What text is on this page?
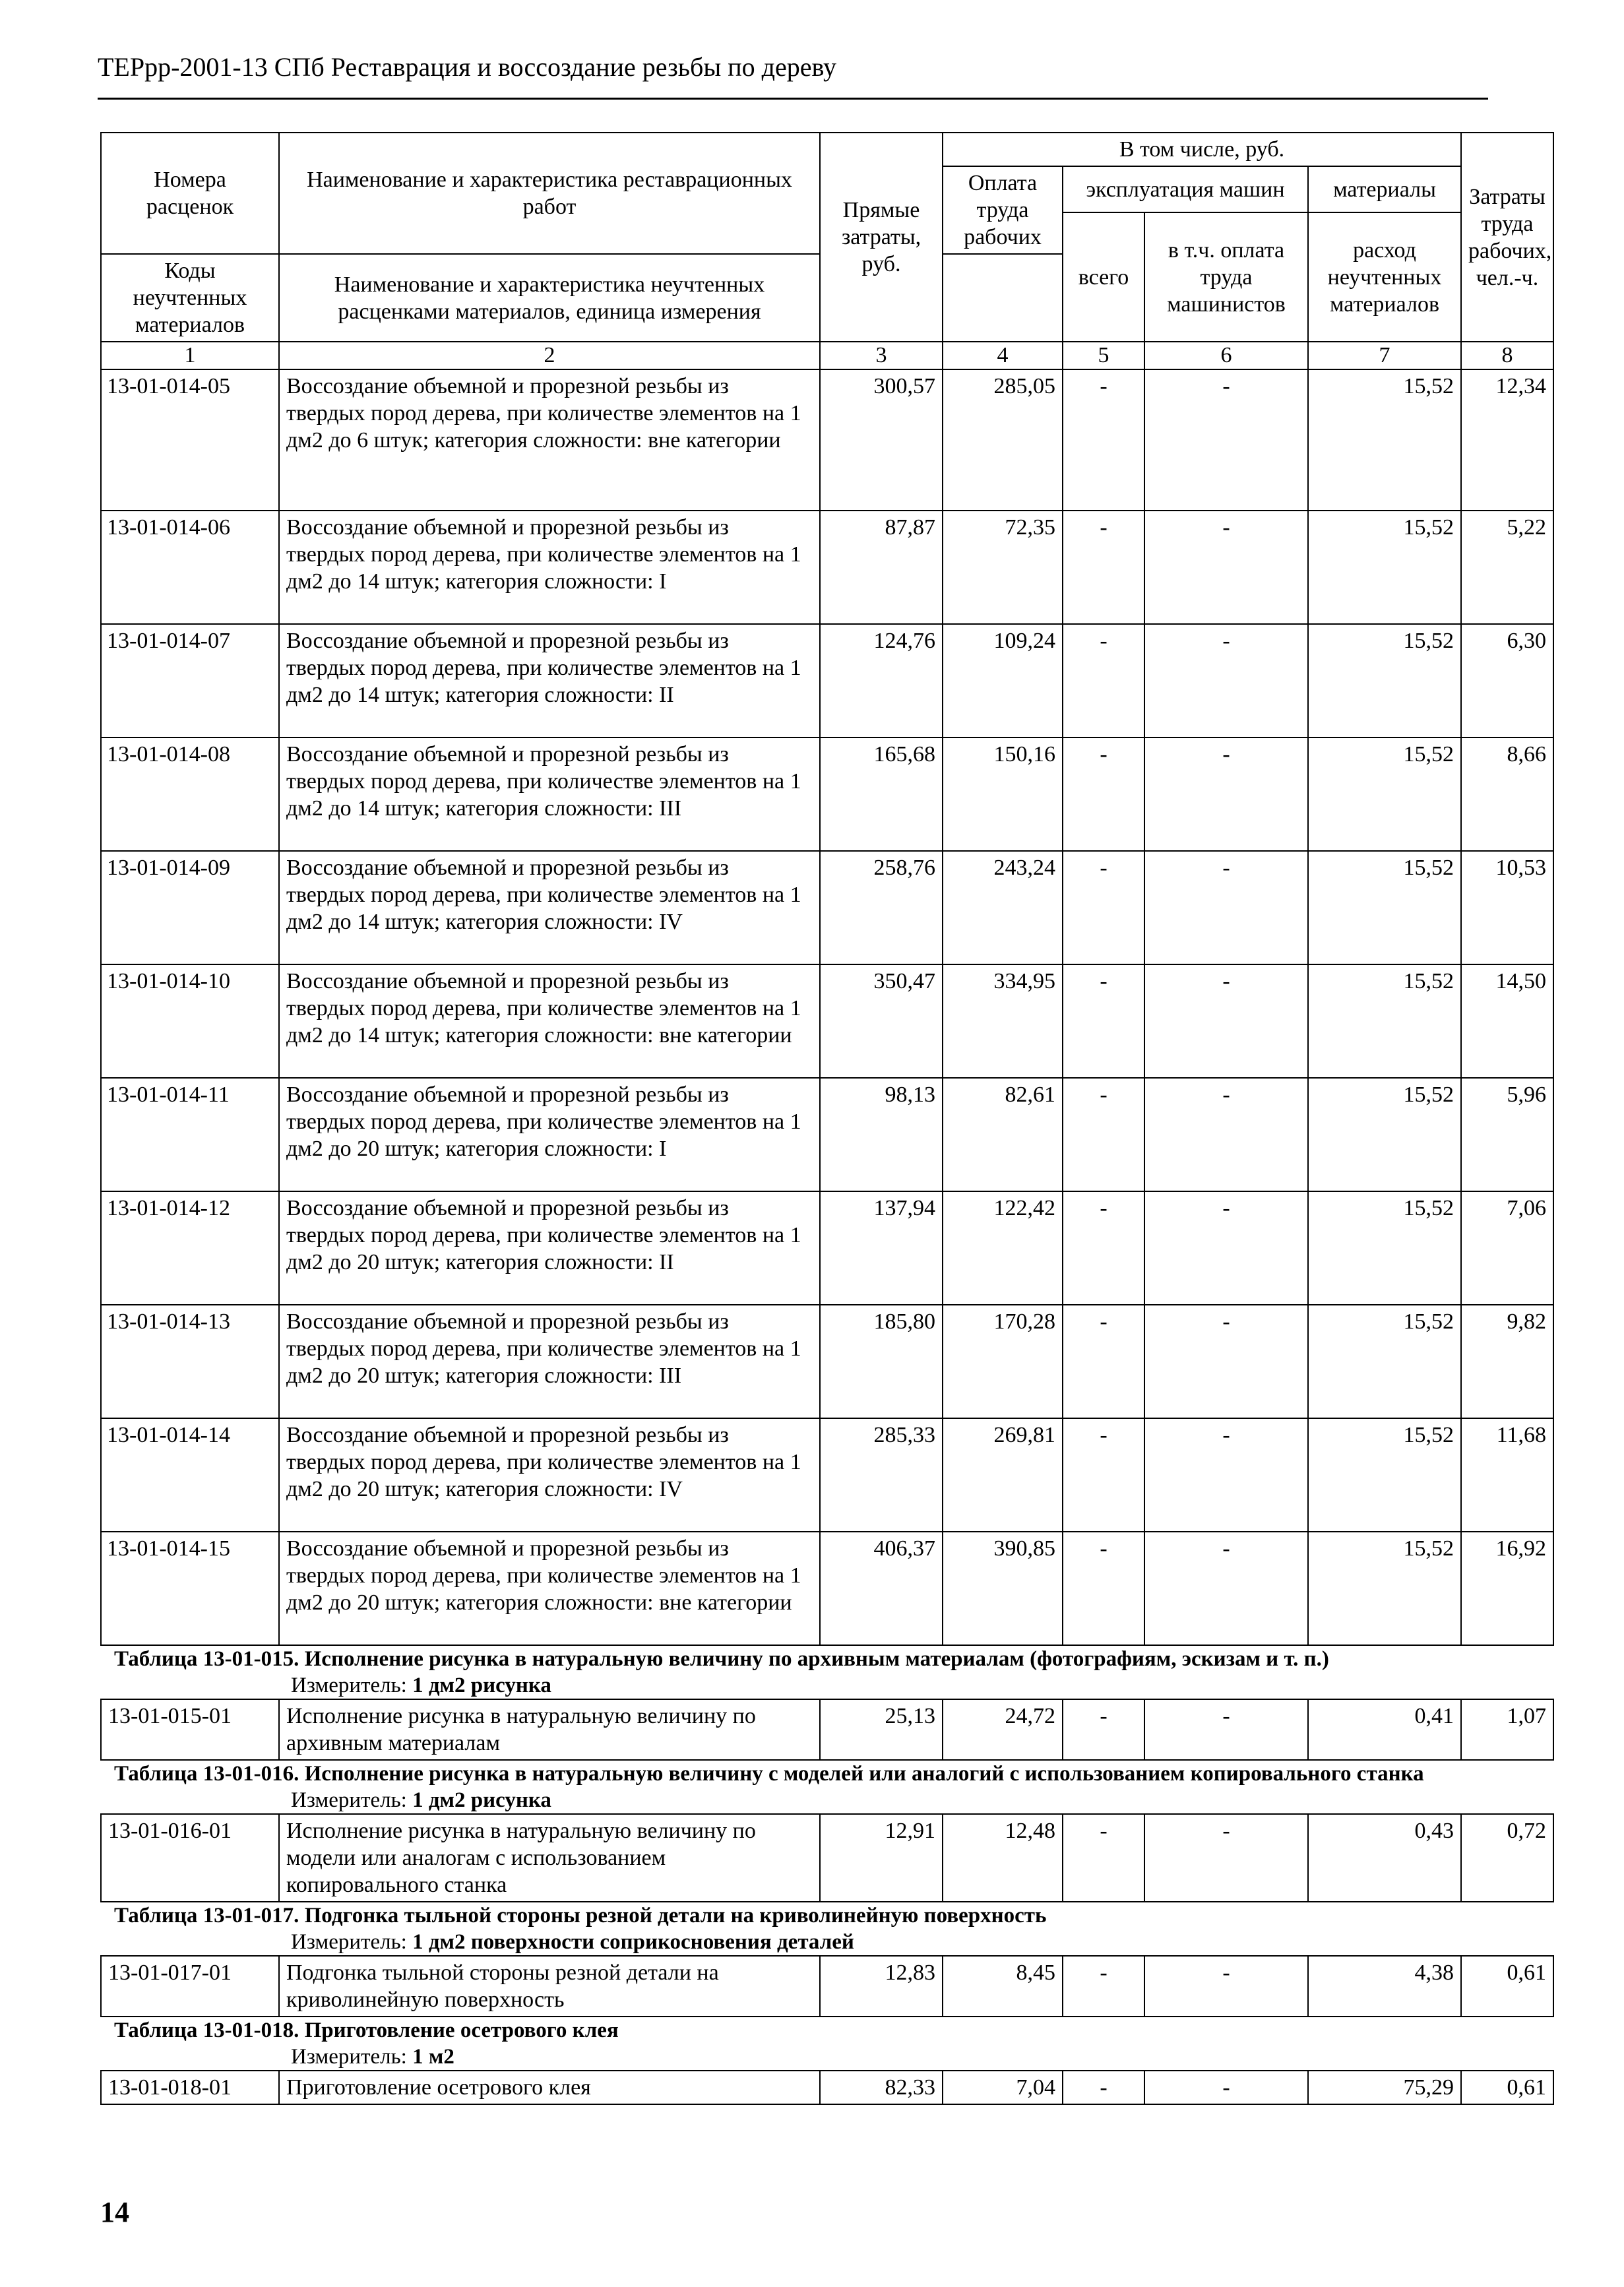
ТЕРрр-2001-13 СПб Реставрация и воссоздание резьбы по дереву
Номера расценок	Наименование и характеристика реставрационных работ	Прямые затраты, руб.	В том числе, руб.				Затраты труда рабочих, чел.-ч.
			Оплата труда рабочих	эксплуатация машин		материалы	
				всего	в т.ч. оплата труда машинистов	расход неучтенных материалов	
Коды неучтенных материалов	Наименование и характеристика неучтенных расценками материалов, единица измерения						

1	2	3	4	5	6	7	8
13-01-014-05	Воссоздание объемной и прорезной резьбы из твердых пород дерева, при количестве элементов на 1 дм2 до 6 штук; категория сложности: вне категории	300,57	285,05	-	-	15,52	12,34
13-01-014-06	Воссоздание объемной и прорезной резьбы из твердых пород дерева, при количестве элементов на 1 дм2 до 14 штук; категория сложности: I	87,87	72,35	-	-	15,52	5,22
13-01-014-07	Воссоздание объемной и прорезной резьбы из твердых пород дерева, при количестве элементов на 1 дм2 до 14 штук; категория сложности: II	124,76	109,24	-	-	15,52	6,30
13-01-014-08	Воссоздание объемной и прорезной резьбы из твердых пород дерева, при количестве элементов на 1 дм2 до 14 штук; категория сложности: III	165,68	150,16	-	-	15,52	8,66
13-01-014-09	Воссоздание объемной и прорезной резьбы из твердых пород дерева, при количестве элементов на 1 дм2 до 14 штук; категория сложности: IV	258,76	243,24	-	-	15,52	10,53
13-01-014-10	Воссоздание объемной и прорезной резьбы из твердых пород дерева, при количестве элементов на 1 дм2 до 14 штук; категория сложности: вне категории	350,47	334,95	-	-	15,52	14,50
13-01-014-11	Воссоздание объемной и прорезной резьбы из твердых пород дерева, при количестве элементов на 1 дм2 до 20 штук; категория сложности: I	98,13	82,61	-	-	15,52	5,96
13-01-014-12	Воссоздание объемной и прорезной резьбы из твердых пород дерева, при количестве элементов на 1 дм2 до 20 штук; категория сложности: II	137,94	122,42	-	-	15,52	7,06
13-01-014-13	Воссоздание объемной и прорезной резьбы из твердых пород дерева, при количестве элементов на 1 дм2 до 20 штук; категория сложности: III	185,80	170,28	-	-	15,52	9,82
13-01-014-14	Воссоздание объемной и прорезной резьбы из твердых пород дерева, при количестве элементов на 1 дм2 до 20 штук; категория сложности: IV	285,33	269,81	-	-	15,52	11,68
13-01-014-15	Воссоздание объемной и прорезной резьбы из твердых пород дерева, при количестве элементов на 1 дм2 до 20 штук; категория сложности: вне категории	406,37	390,85	-	-	15,52	16,92
Таблица 13-01-015. Исполнение рисунка в натуральную величину по архивным материалам (фотографиям, эскизам и т. п.)							
Измеритель: 1 дм2 рисунка							
13-01-015-01	Исполнение рисунка в натуральную величину по архивным материалам	25,13	24,72	-	-	0,41	1,07
Таблица 13-01-016. Исполнение рисунка в натуральную величину с моделей или аналогий с использованием копировального станка							
Измеритель: 1 дм2 рисунка							
13-01-016-01	Исполнение рисунка в натуральную величину по модели или аналогам с использованием копировального станка	12,91	12,48	-	-	0,43	0,72
Таблица 13-01-017. Подгонка тыльной стороны резной детали на криволинейную поверхность							
Измеритель: 1 дм2 поверхности соприкосновения деталей							
13-01-017-01	Подгонка тыльной стороны резной детали на криволинейную поверхность	12,83	8,45	-	-	4,38	0,61
Таблица 13-01-018. Приготовление осетрового клея							
Измеритель: 1 м2							
13-01-018-01	Приготовление осетрового клея	82,33	7,04	-	-	75,29	0,61
14
